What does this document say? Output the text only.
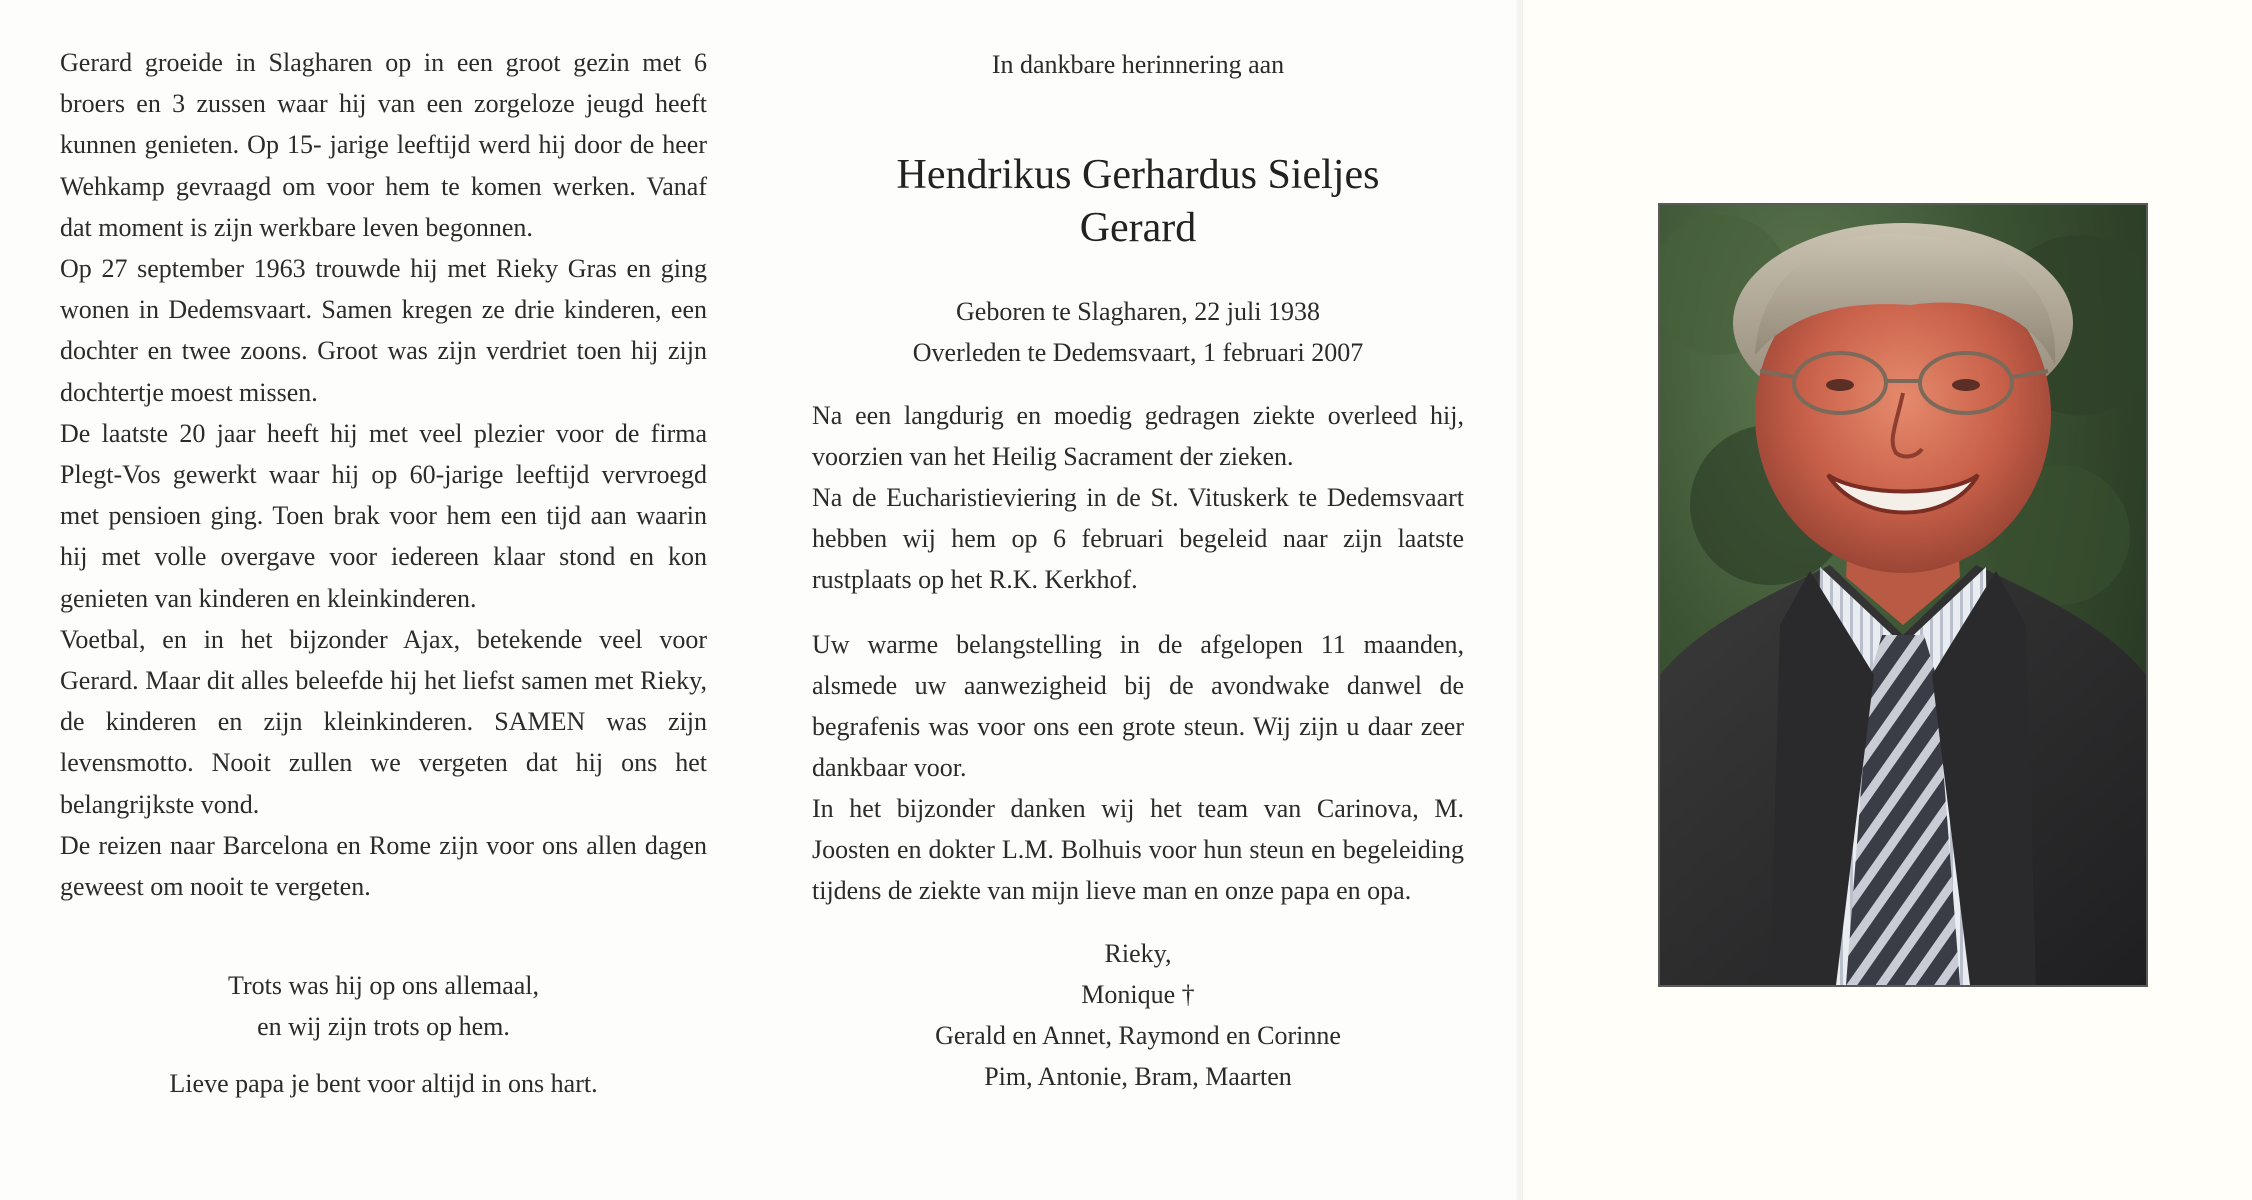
Gerard groeide in Slagharen op in een groot gezin met 6 broers en 3 zussen waar hij van een zorgeloze jeugd heeft kunnen genieten. Op 15- jarige leeftijd werd hij door de heer Wehkamp gevraagd om voor hem te komen werken. Vanaf dat moment is zijn werkbare leven begonnen.

Op 27 september 1963 trouwde hij met Rieky Gras en ging wonen in Dedemsvaart. Samen kregen ze drie kinderen, een dochter en twee zoons. Groot was zijn verdriet toen hij zijn dochtertje moest missen.

De laatste 20 jaar heeft hij met veel plezier voor de firma Plegt-Vos gewerkt waar hij op 60-jarige leeftijd vervroegd met pensioen ging. Toen brak voor hem een tijd aan waarin hij met volle overgave voor iedereen klaar stond en kon genieten van kinderen en kleinkinderen.

Voetbal, en in het bijzonder Ajax, betekende veel voor Gerard. Maar dit alles beleefde hij het liefst samen met Rieky, de kinderen en zijn kleinkinderen. SAMEN was zijn levensmotto. Nooit zullen we vergeten dat hij ons het belangrijkste vond.

De reizen naar Barcelona en Rome zijn voor ons allen dagen geweest om nooit te vergeten.

Trots was hij op ons allemaal,

en wij zijn trots op hem.

Lieve papa je bent voor altijd in ons hart.

In dankbare herinnering aan

Hendrikus Gerhardus Sieljes
Gerard

Geboren te Slagharen, 22 juli 1938

Overleden te Dedemsvaart, 1 februari 2007

Na een langdurig en moedig gedragen ziekte overleed hij, voorzien van het Heilig Sacrament der zieken.

Na de Eucharistieviering in de St. Vituskerk te Dedemsvaart hebben wij hem op 6 februari begeleid naar zijn laatste rustplaats op het R.K. Kerkhof.

Uw warme belangstelling in de afgelopen 11 maanden, alsmede uw aanwezigheid bij de avondwake danwel de begrafenis was voor ons een grote steun. Wij zijn u daar zeer dankbaar voor.

In het bijzonder danken wij het team van Carinova, M. Joosten en dokter L.M. Bolhuis voor hun steun en begeleiding tijdens de ziekte van mijn lieve man en onze papa en opa.

Rieky,

Monique †

Gerald en Annet, Raymond en Corinne

Pim, Antonie, Bram, Maarten
